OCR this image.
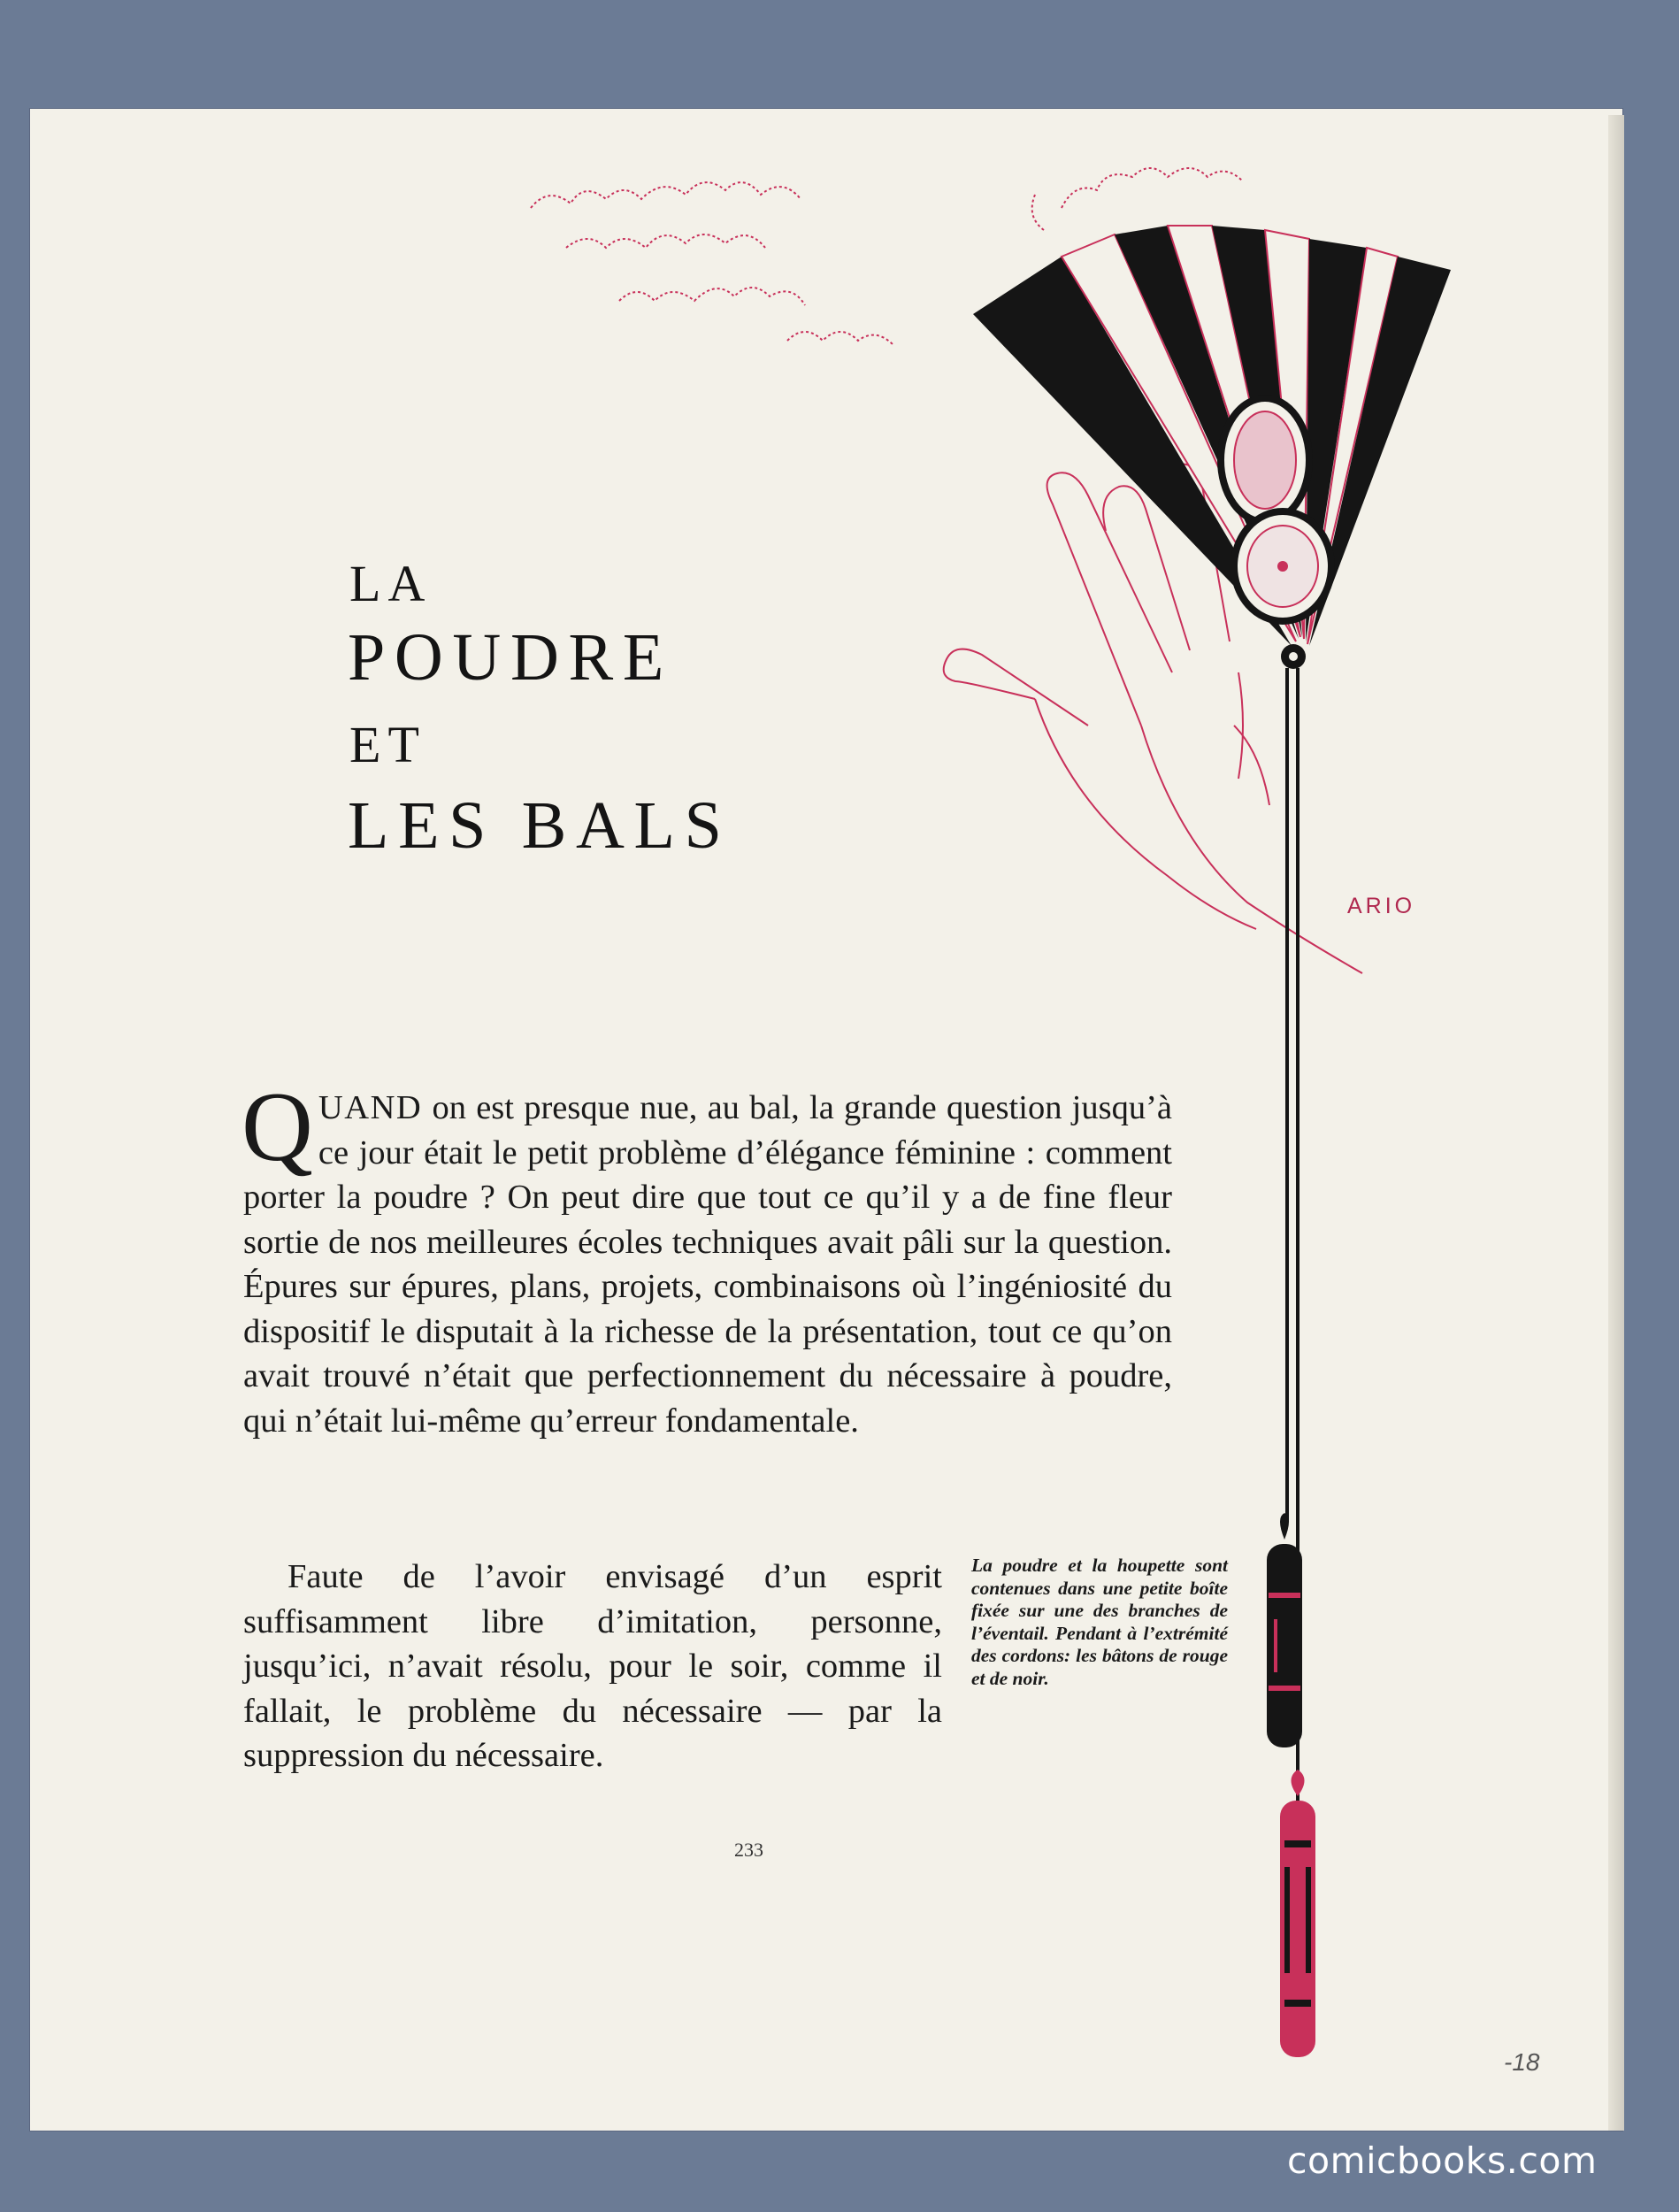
ARIO
LA
POUDRE
ET
LES BALS

QUAND on est presque nue, au bal, la grande question jusqu’à ce jour était le petit problème d’élégance féminine : comment porter la poudre ? On peut dire que tout ce qu’il y a de fine fleur sortie de nos meilleures écoles techniques avait pâli sur la question. Épures sur épures, plans, projets, combinaisons où l’ingéniosité du dispositif le disputait à la richesse de la présentation, tout ce qu’on avait trouvé n’était que perfectionnement du nécessaire à poudre, qui n’était lui-même qu’erreur fondamentale.

Faute de l’avoir envisagé d’un esprit suffisamment libre d’imitation, personne, jusqu’ici, n’avait résolu, pour le soir, comme il fallait, le problème du nécessaire — par la suppression du nécessaire.

La poudre et la houpette sont contenues dans une petite boîte fixée sur une des branches de l’éventail. Pendant à l’extrémité des cordons: les bâtons de rouge et de noir.

233
-18
comicbooks.com
